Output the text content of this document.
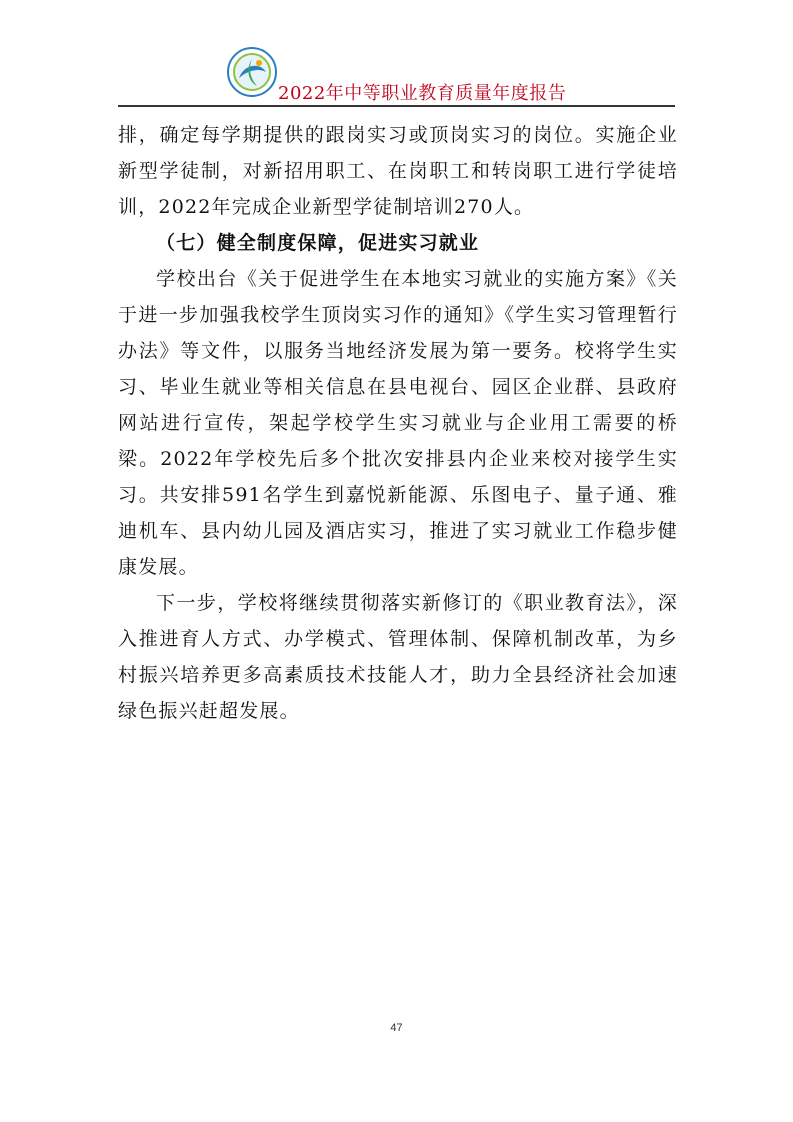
2022年中等职业教育质量年度报告

排，确定每学期提供的跟岗实习或顶岗实习的岗位。实施企业新型学徒制，对新招用职工、在岗职工和转岗职工进行学徒培训，2022年完成企业新型学徒制培训270人。

（七）健全制度保障，促进实习就业

学校出台《关于促进学生在本地实习就业的实施方案》《关于进一步加强我校学生顶岗实习作的通知》《学生实习管理暂行办法》等文件，以服务当地经济发展为第一要务。校将学生实习、毕业生就业等相关信息在县电视台、园区企业群、县政府网站进行宣传，架起学校学生实习就业与企业用工需要的桥梁。2022年学校先后多个批次安排县内企业来校对接学生实习。共安排591名学生到嘉悦新能源、乐图电子、量子通、雅迪机车、县内幼儿园及酒店实习，推进了实习就业工作稳步健康发展。

下一步，学校将继续贯彻落实新修订的《职业教育法》，深入推进育人方式、办学模式、管理体制、保障机制改革，为乡村振兴培养更多高素质技术技能人才，助力全县经济社会加速绿色振兴赶超发展。

47
